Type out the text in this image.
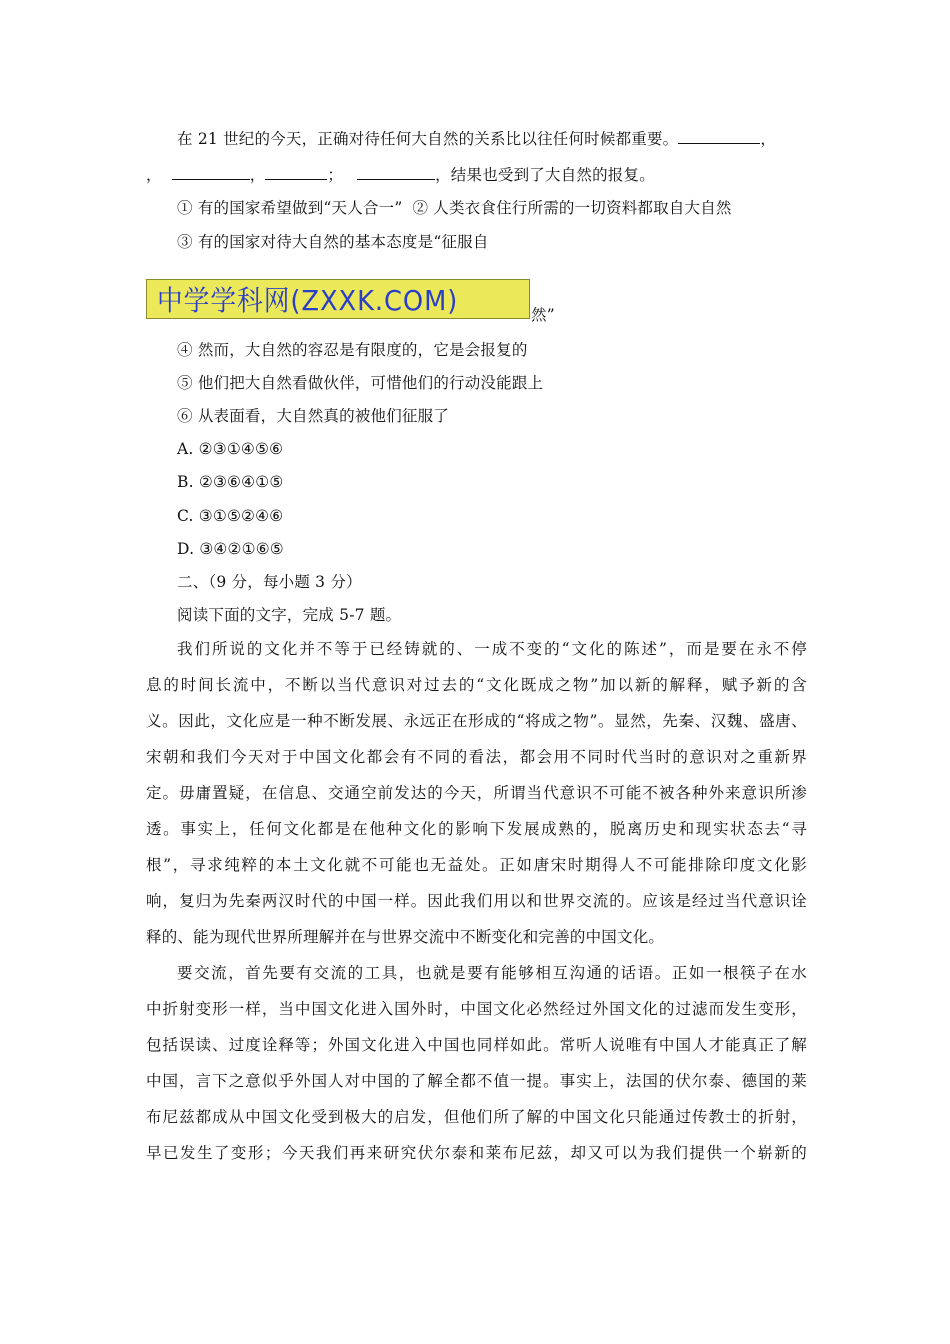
在 21 世纪的今天，正确对待任何大自然的关系比以往任何时候都重要。	，
，	，	；	，结果也受到了大自然的报复。
① 有的国家希望做到“天人合一” ② 人类衣食住行所需的一切资料都取自大自然
③ 有的国家对待大自然的基本态度是“征服自
中学学科网(ZXXK.COM)	然”
④ 然而，大自然的容忍是有限度的，它是会报复的
⑤ 他们把大自然看做伙伴，可惜他们的行动没能跟上
⑥ 从表面看，大自然真的被他们征服了
A. ②③①④⑤⑥
B. ②③⑥④①⑤
C. ③①⑤②④⑥
D. ③④②①⑥⑤
二、（9 分，每小题 3 分）
阅读下面的文字，完成 5-7 题。
我们所说的文化并不等于已经铸就的、一成不变的“文化的陈述”，而是要在永不停
息的时间长流中，不断以当代意识对过去的“文化既成之物”加以新的解释，赋予新的含
义。因此，文化应是一种不断发展、永远正在形成的“将成之物”。显然，先秦、汉魏、盛唐、
宋朝和我们今天对于中国文化都会有不同的看法，都会用不同时代当时的意识对之重新界
定。毋庸置疑，在信息、交通空前发达的今天，所谓当代意识不可能不被各种外来意识所渗
透。事实上，任何文化都是在他种文化的影响下发展成熟的，脱离历史和现实状态去“寻
根”，寻求纯粹的本土文化就不可能也无益处。正如唐宋时期得人不可能排除印度文化影
响，复归为先秦两汉时代的中国一样。因此我们用以和世界交流的。应该是经过当代意识诠
释的、能为现代世界所理解并在与世界交流中不断变化和完善的中国文化。
要交流，首先要有交流的工具，也就是要有能够相互沟通的话语。正如一根筷子在水
中折射变形一样，当中国文化进入国外时，中国文化必然经过外国文化的过滤而发生变形，
包括误读、过度诠释等；外国文化进入中国也同样如此。常听人说唯有中国人才能真正了解
中国，言下之意似乎外国人对中国的了解全都不值一提。事实上，法国的伏尔泰、德国的莱
布尼兹都成从中国文化受到极大的启发，但他们所了解的中国文化只能通过传教士的折射，
早已发生了变形；今天我们再来研究伏尔泰和莱布尼兹，却又可以为我们提供一个崭新的
